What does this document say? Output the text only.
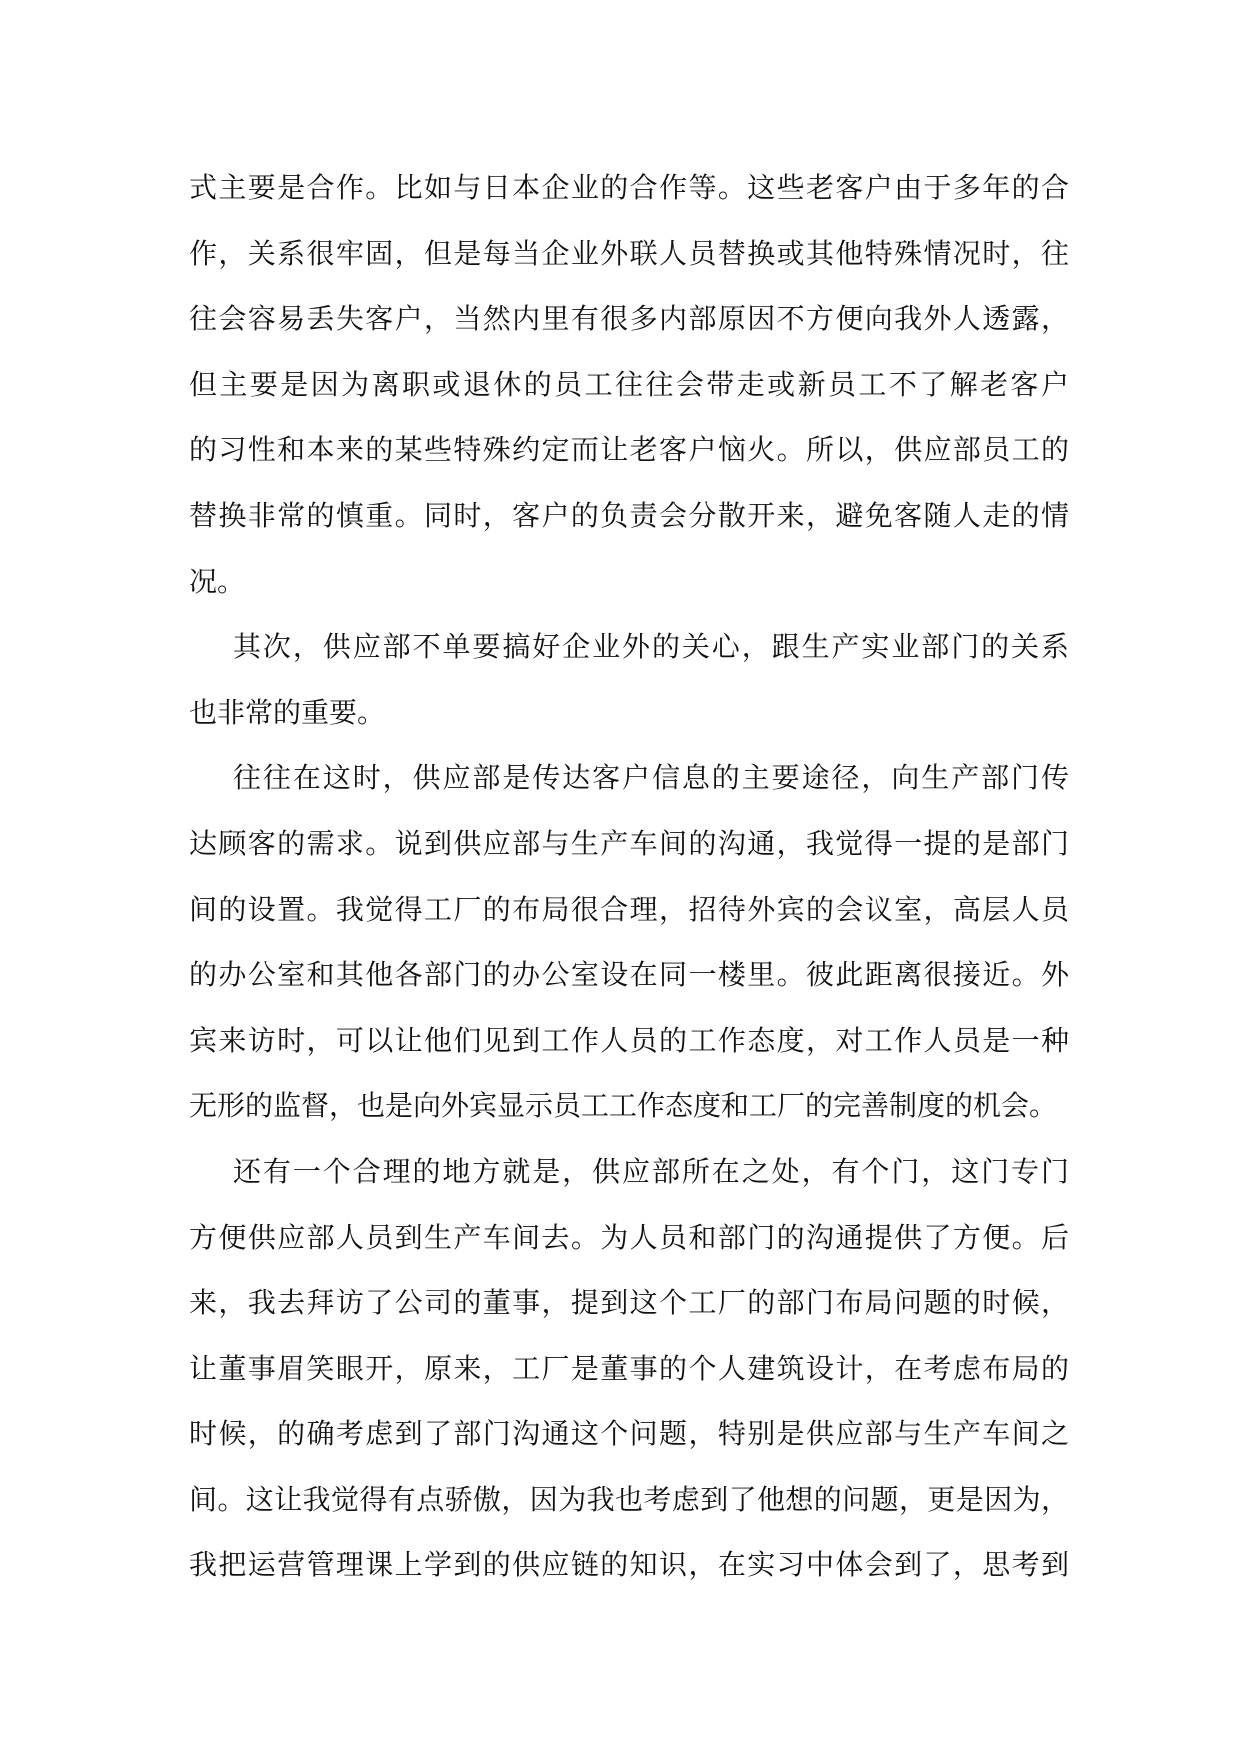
式主要是合作。比如与日本企业的合作等。这些老客户由于多年的合
作，关系很牢固，但是每当企业外联人员替换或其他特殊情况时，往
往会容易丢失客户，当然内里有很多内部原因不方便向我外人透露，
但主要是因为离职或退休的员工往往会带走或新员工不了解老客户
的习性和本来的某些特殊约定而让老客户恼火。所以，供应部员工的
替换非常的慎重。同时，客户的负责会分散开来，避免客随人走的情
况。
其次，供应部不单要搞好企业外的关心，跟生产实业部门的关系
也非常的重要。
往往在这时，供应部是传达客户信息的主要途径，向生产部门传
达顾客的需求。说到供应部与生产车间的沟通，我觉得一提的是部门
间的设置。我觉得工厂的布局很合理，招待外宾的会议室，高层人员
的办公室和其他各部门的办公室设在同一楼里。彼此距离很接近。外
宾来访时，可以让他们见到工作人员的工作态度，对工作人员是一种
无形的监督，也是向外宾显示员工工作态度和工厂的完善制度的机会。
还有一个合理的地方就是，供应部所在之处，有个门，这门专门
方便供应部人员到生产车间去。为人员和部门的沟通提供了方便。后
来，我去拜访了公司的董事，提到这个工厂的部门布局问题的时候，
让董事眉笑眼开，原来，工厂是董事的个人建筑设计，在考虑布局的
时候，的确考虑到了部门沟通这个问题，特别是供应部与生产车间之
间。这让我觉得有点骄傲，因为我也考虑到了他想的问题，更是因为，
我把运营管理课上学到的供应链的知识，在实习中体会到了，思考到
